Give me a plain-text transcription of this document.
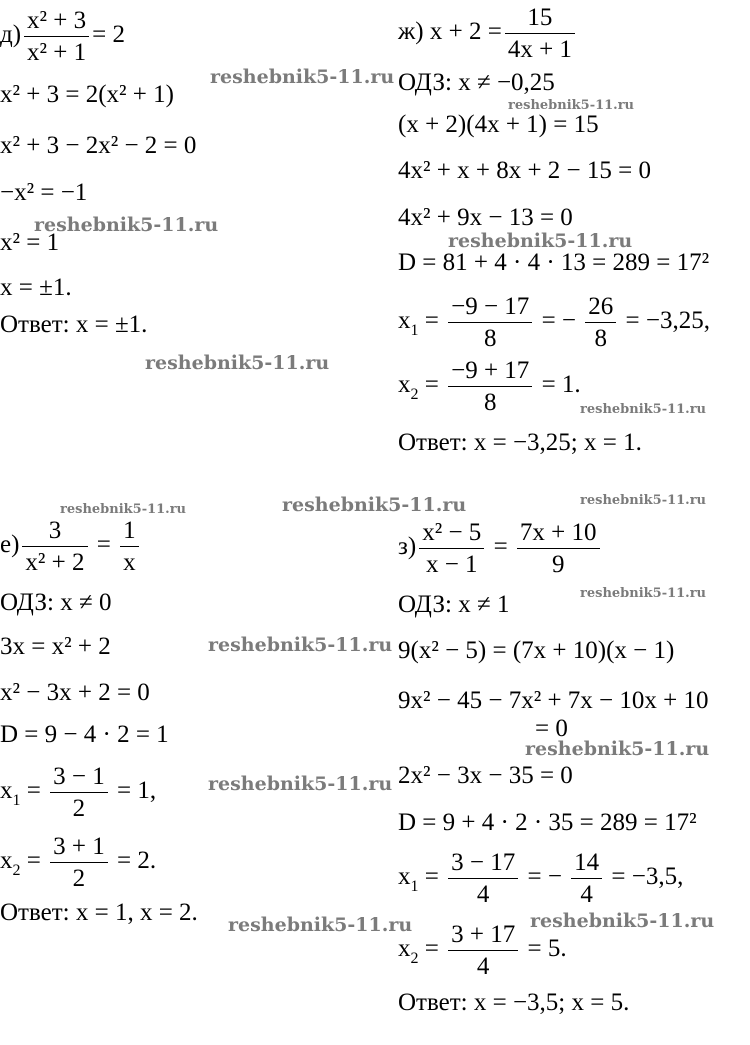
$д) \frac{\text{x² + 3}}{\text{x² + 1}} = 2$
x² + 3 = 2(x² + 1)
x² + 3 − 2x² − 2 = 0
−x² = −1
x² = 1
x = ±1.
Ответ: x = ±1.
ж) $x + 2 = \frac{15}{4x + 1}$
ОДЗ: x ≠ −0,25
(x + 2)(4x + 1) = 15
4x² + x + 8x + 2 − 15 = 0
4x² + 9x − 13 = 0
D = 81 + 4 · 4 · 13 = 289 = 17²
$x_1 = \frac{-9 - 17}{8}$ = − $\frac{26}{8} = -3,25$,
$x_2 = \frac{-9 + 17}{8} = 1$.
Ответ: x = −3,25; x = 1.
$е) \frac{3}{\text{x² + 2}} = \frac{1}{x}$
ОДЗ: x ≠ 0
3x = x² + 2
x² − 3x + 2 = 0
D = 9 − 4 · 2 = 1
$x_1 = \frac{3 - 1}{2} = 1$,
$x_2 = \frac{3 + 1}{2} = 2$.
Ответ: x = 1, x = 2.
$з) \frac{\text{x² − 5}}{x - 1} = \frac{7x + 10}{9}$
ОДЗ: x ≠ 1
9(x² − 5) = (7x + 10)(x − 1)
9x² − 45 − 7x² + 7x − 10x + 10
= 0
2x² − 3x − 35 = 0
D = 9 + 4 · 2 · 35 = 289 = 17²
$x_1 = \frac{3 - 17}{4}$ = − $\frac{14}{4} = -3,5$,
$x_2 = \frac{3 + 17}{4} = 5$.
Ответ: x = −3,5; x = 5.
reshebnik5-11.ru
reshebnik5-11.ru
reshebnik5-11.ru
reshebnik5-11.ru
reshebnik5-11.ru
reshebnik5-11.ru
reshebnik5-11.ru	reshebnik5-11.ru	reshebnik5-11.ru
reshebnik5-11.ru
reshebnik5-11.ru
reshebnik5-11.ru
reshebnik5-11.ru
reshebnik5-11.ru
reshebnik5-11.ru
